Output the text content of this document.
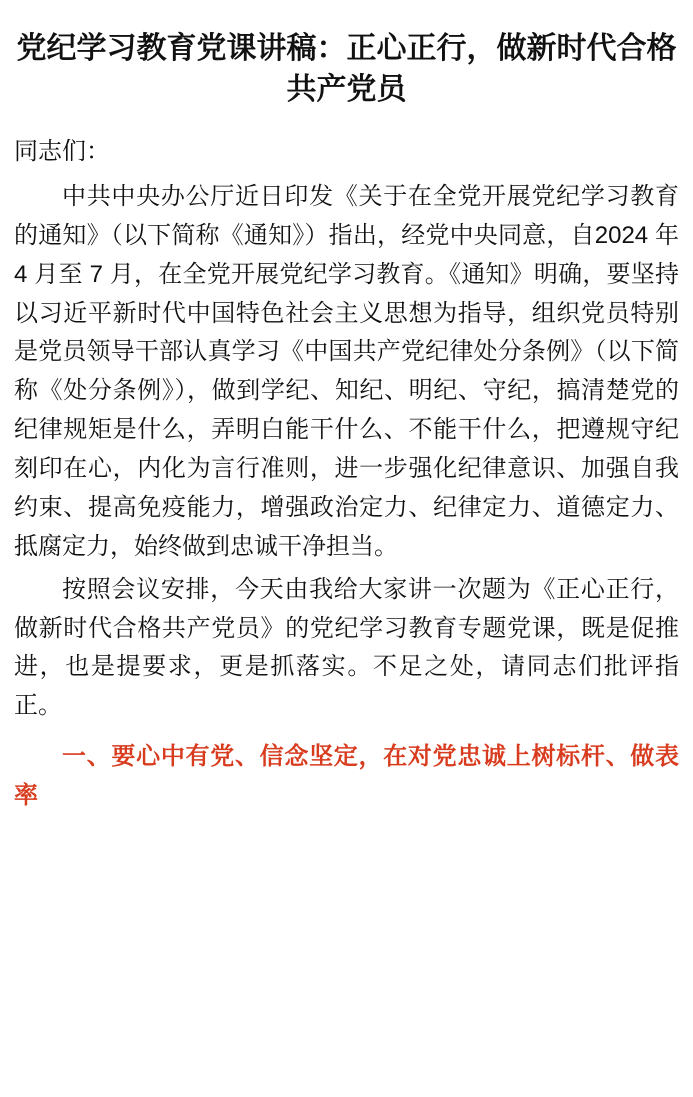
党纪学习教育党课讲稿：正心正行，做新时代合格共产党员

同志们：

中共中央办公厅近日印发《关于在全党开展党纪学习教育的通知》（以下简称《通知》）指出，经党中央同意，自2024 年 4 月至 7 月，在全党开展党纪学习教育。《通知》明确，要坚持以习近平新时代中国特色社会主义思想为指导，组织党员特别是党员领导干部认真学习《中国共产党纪律处分条例》（以下简称《处分条例》），做到学纪、知纪、明纪、守纪，搞清楚党的纪律规矩是什么，弄明白能干什么、不能干什么，把遵规守纪刻印在心，内化为言行准则，进一步强化纪律意识、加强自我约束、提高免疫能力，增强政治定力、纪律定力、道德定力、抵腐定力，始终做到忠诚干净担当。

按照会议安排，今天由我给大家讲一次题为《正心正行，做新时代合格共产党员》的党纪学习教育专题党课，既是促推进，也是提要求，更是抓落实。不足之处，请同志们批评指正。

一、要心中有党、信念坚定，在对党忠诚上树标杆、做表率
